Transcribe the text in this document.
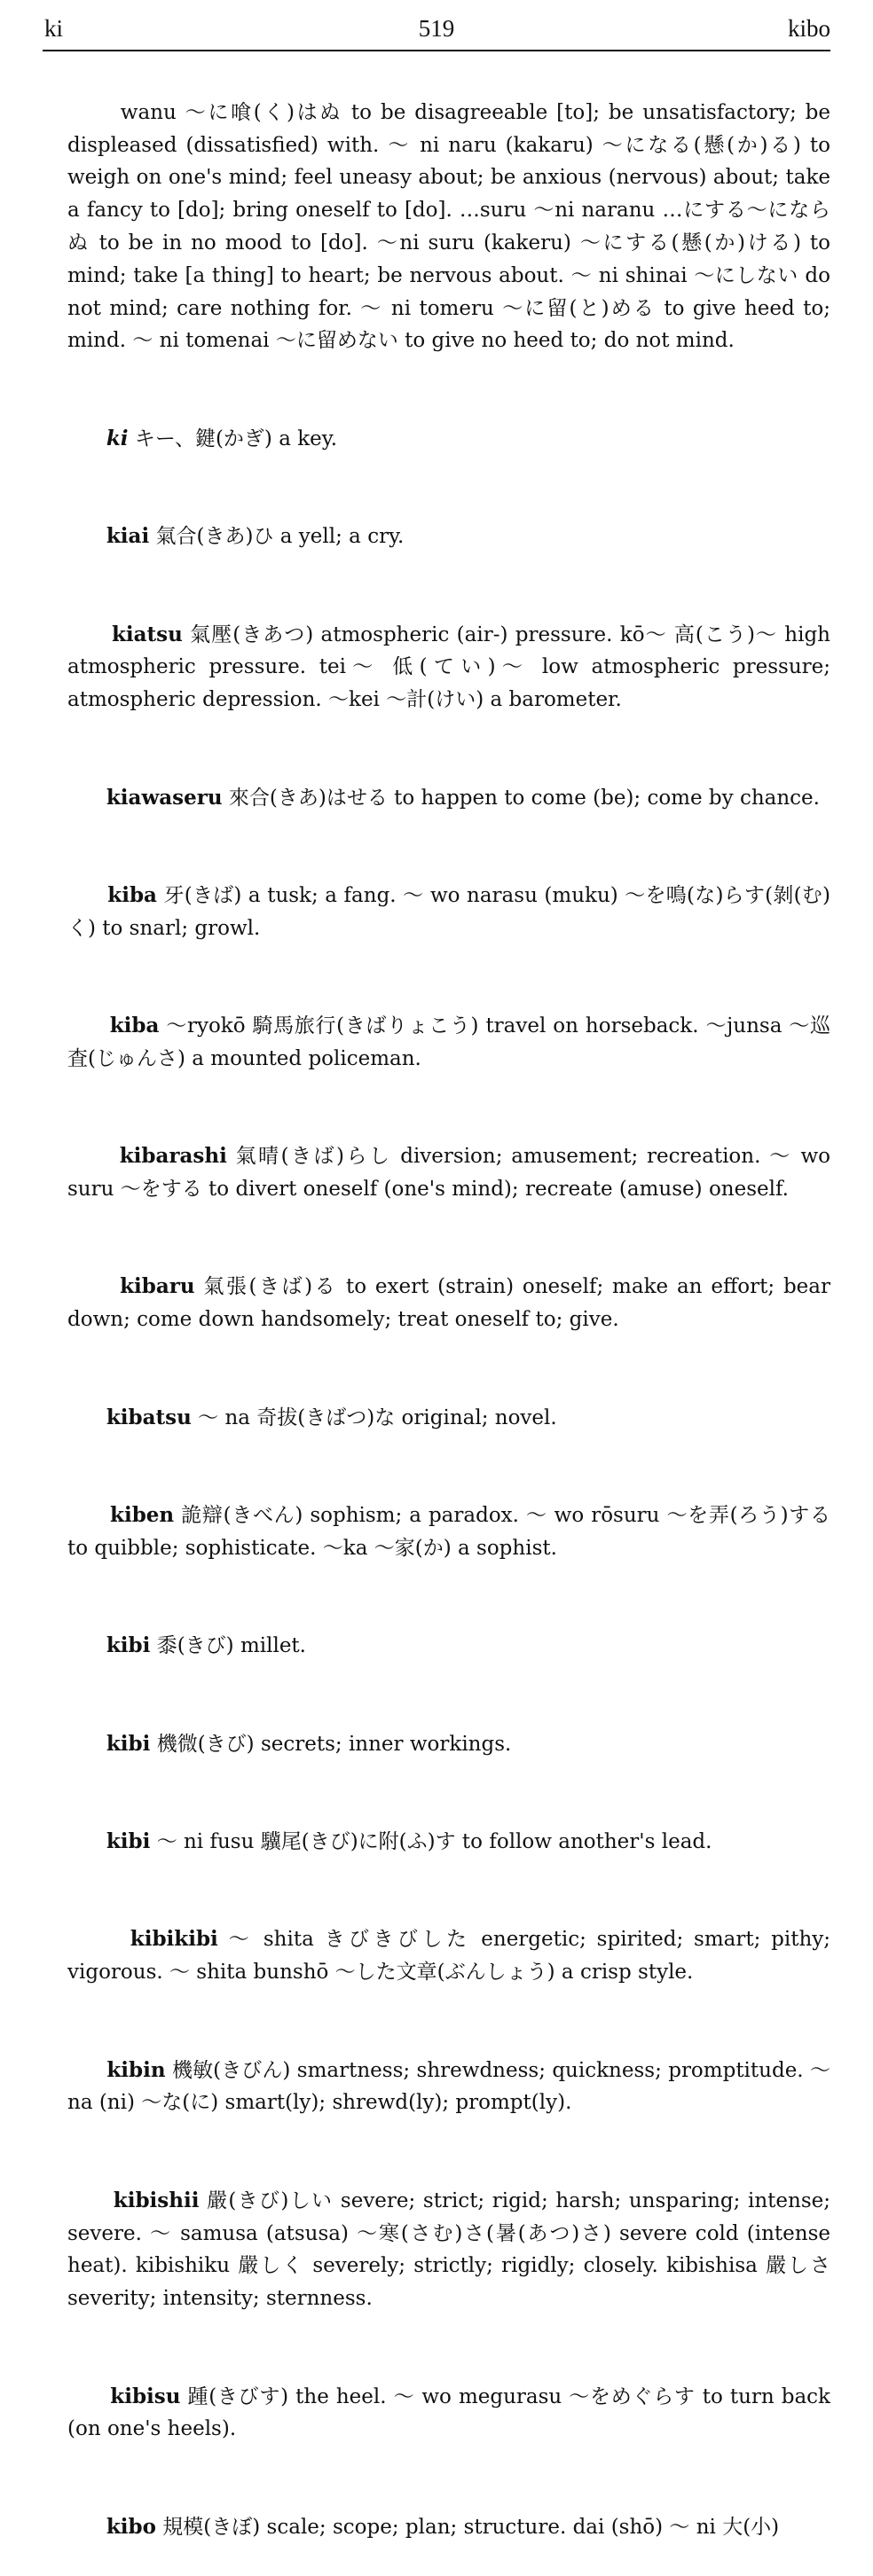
ki	519	kibo

wanu ～に喰(く)はぬ to be disagreeable [to]; be unsatisfactory; be displeased (dissatisfied) with. ～ ni naru (kakaru) ～になる(懸(か)る) to weigh on one's mind; feel uneasy about; be anxious (nervous) about; take a fancy to [do]; bring oneself to [do]. …suru ～ni naranu …にする～にならぬ to be in no mood to [do]. ～ni suru (kakeru) ～にする(懸(か)ける) to mind; take [a thing] to heart; be nervous about. ～ ni shinai ～にしない do not mind; care nothing for. ～ ni tomeru ～に留(と)める to give heed to; mind. ～ ni tomenai ～に留めない to give no heed to; do not mind.

ki キー、鍵(かぎ) a key.

kiai 氣合(きあ)ひ a yell; a cry.

kiatsu 氣壓(きあつ) atmospheric (air-) pressure. kō～ 高(こう)～ high atmospheric pressure. tei～ 低(てい)～ low atmospheric pressure; atmospheric depression. ～kei ～計(けい) a barometer.

kiawaseru 來合(きあ)はせる to happen to come (be); come by chance.

kiba 牙(きば) a tusk; a fang. ～ wo narasu (muku) ～を鳴(な)らす(剝(む)く) to snarl; growl.

kiba ～ryokō 騎馬旅行(きばりょこう) travel on horseback. ～junsa ～巡査(じゅんさ) a mounted policeman.

kibarashi 氣晴(きば)らし diversion; amusement; recreation. ～ wo suru ～をする to divert oneself (one's mind); recreate (amuse) oneself.

kibaru 氣張(きば)る to exert (strain) oneself; make an effort; bear down; come down handsomely; treat oneself to; give.

kibatsu ～ na 奇拔(きばつ)な original; novel.

kiben 詭辯(きべん) sophism; a paradox. ～ wo rōsuru ～を弄(ろう)する to quibble; sophisticate. ～ka ～家(か) a sophist.

kibi 黍(きび) millet.

kibi 機微(きび) secrets; inner workings.

kibi ～ ni fusu 驥尾(きび)に附(ふ)す to follow another's lead.

kibikibi ～ shita きびきびした energetic; spirited; smart; pithy; vigorous. ～ shita bunshō ～した文章(ぶんしょう) a crisp style.

kibin 機敏(きびん) smartness; shrewdness; quickness; promptitude. ～ na (ni) ～な(に) smart(ly); shrewd(ly); prompt(ly).

kibishii 嚴(きび)しい severe; strict; rigid; harsh; unsparing; intense; severe. ～ samusa (atsusa) ～寒(さむ)さ(暑(あつ)さ) severe cold (intense heat). kibishiku 嚴しく severely; strictly; rigidly; closely. kibishisa 嚴しさ severity; intensity; sternness.

kibisu 踵(きびす) the heel. ～ wo megurasu ～をめぐらす to turn back (on one's heels).

kibo 規模(きぼ) scale; scope; plan; structure. dai (shō) ～ ni 大(小)
